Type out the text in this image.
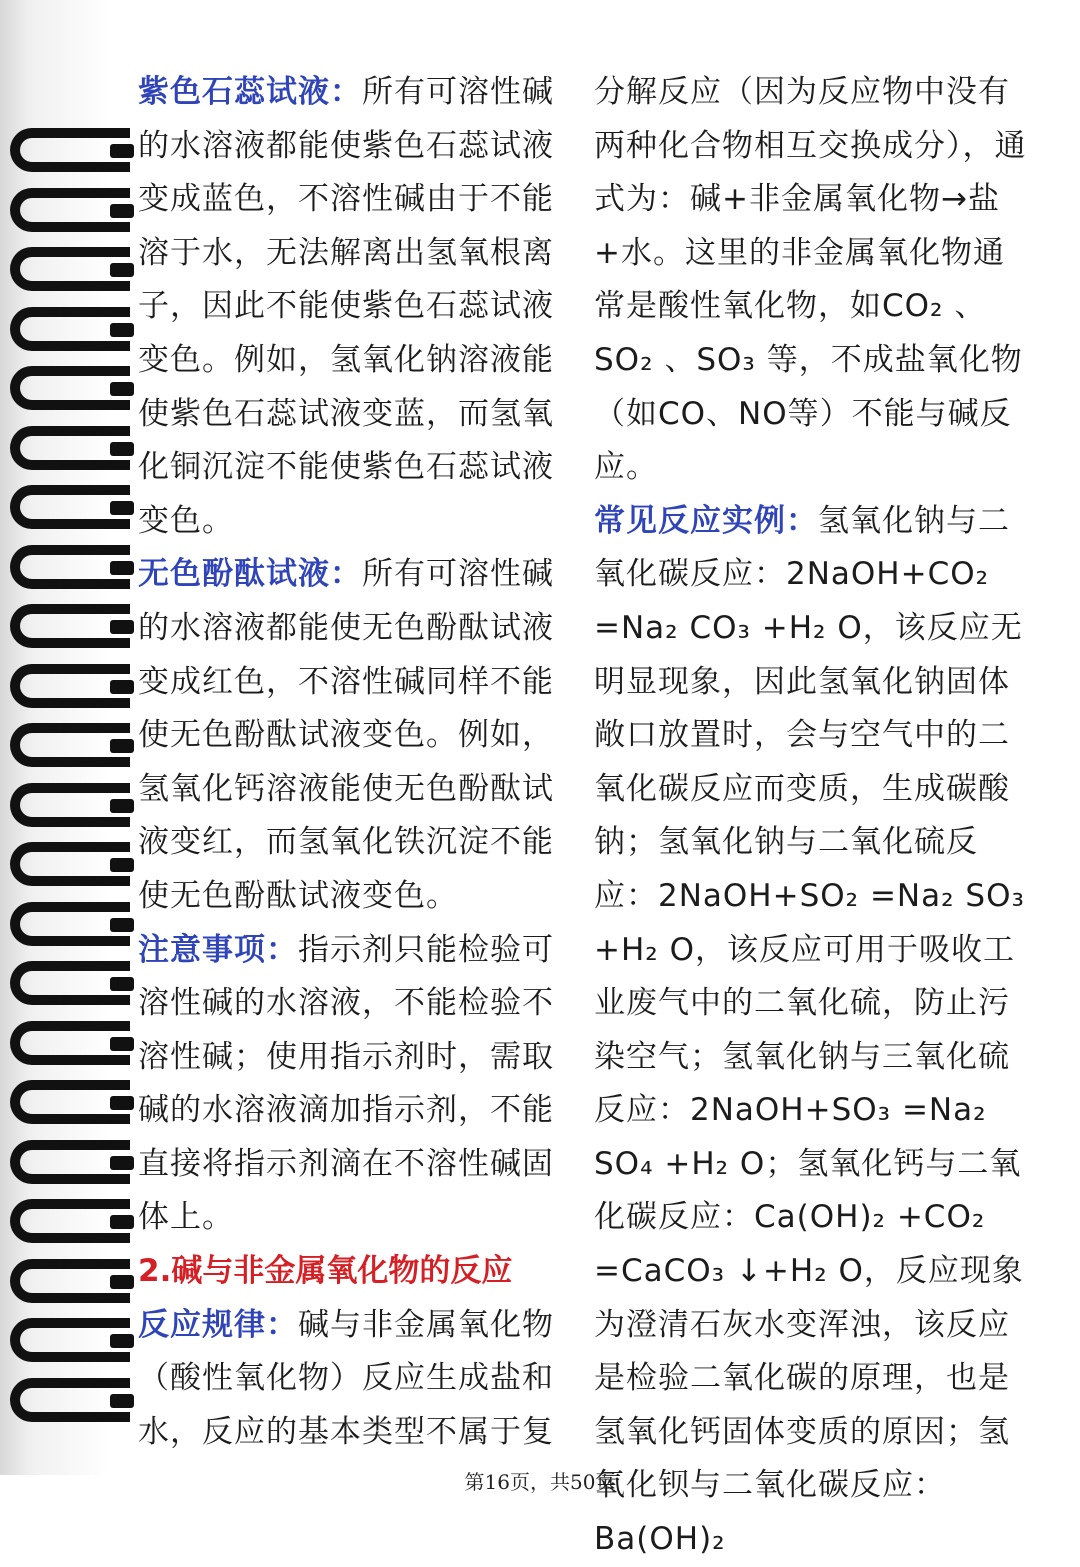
紫色石蕊试液：所有可溶性碱的水溶液都能使紫色石蕊试液变成蓝色，不溶性碱由于不能溶于水，无法解离出氢氧根离子，因此不能使紫色石蕊试液变色。例如，氢氧化钠溶液能使紫色石蕊试液变蓝，而氢氧化铜沉淀不能使紫色石蕊试液变色。

无色酚酞试液：所有可溶性碱的水溶液都能使无色酚酞试液变成红色，不溶性碱同样不能使无色酚酞试液变色。例如，氢氧化钙溶液能使无色酚酞试液变红，而氢氧化铁沉淀不能使无色酚酞试液变色。

注意事项：指示剂只能检验可溶性碱的水溶液，不能检验不溶性碱；使用指示剂时，需取碱的水溶液滴加指示剂，不能直接将指示剂滴在不溶性碱固体上。

2.碱与非金属氧化物的反应

反应规律：碱与非金属氧化物（酸性氧化物）反应生成盐和水，反应的基本类型不属于复

分解反应（因为反应物中没有两种化合物相互交换成分），通式为：碱+非金属氧化物→盐+水。这里的非金属氧化物通常是酸性氧化物，如CO₂ 、SO₂ 、SO₃ 等，不成盐氧化物（如CO、NO等）不能与碱反应。

常见反应实例：氢氧化钠与二氧化碳反应：2NaOH+CO₂ =Na₂ CO₃ +H₂ O，该反应无明显现象，因此氢氧化钠固体敞口放置时，会与空气中的二氧化碳反应而变质，生成碳酸钠；氢氧化钠与二氧化硫反应：2NaOH+SO₂ =Na₂ SO₃ +H₂ O，该反应可用于吸收工业废气中的二氧化硫，防止污染空气；氢氧化钠与三氧化硫反应：2NaOH+SO₃ =Na₂ SO₄ +H₂ O；氢氧化钙与二氧化碳反应：Ca(OH)₂ +CO₂ =CaCO₃ ↓+H₂ O，反应现象为澄清石灰水变浑浊，该反应是检验二氧化碳的原理，也是氢氧化钙固体变质的原因；氢氧化钡与二氧化碳反应：Ba(OH)₂

第16页，共50页
